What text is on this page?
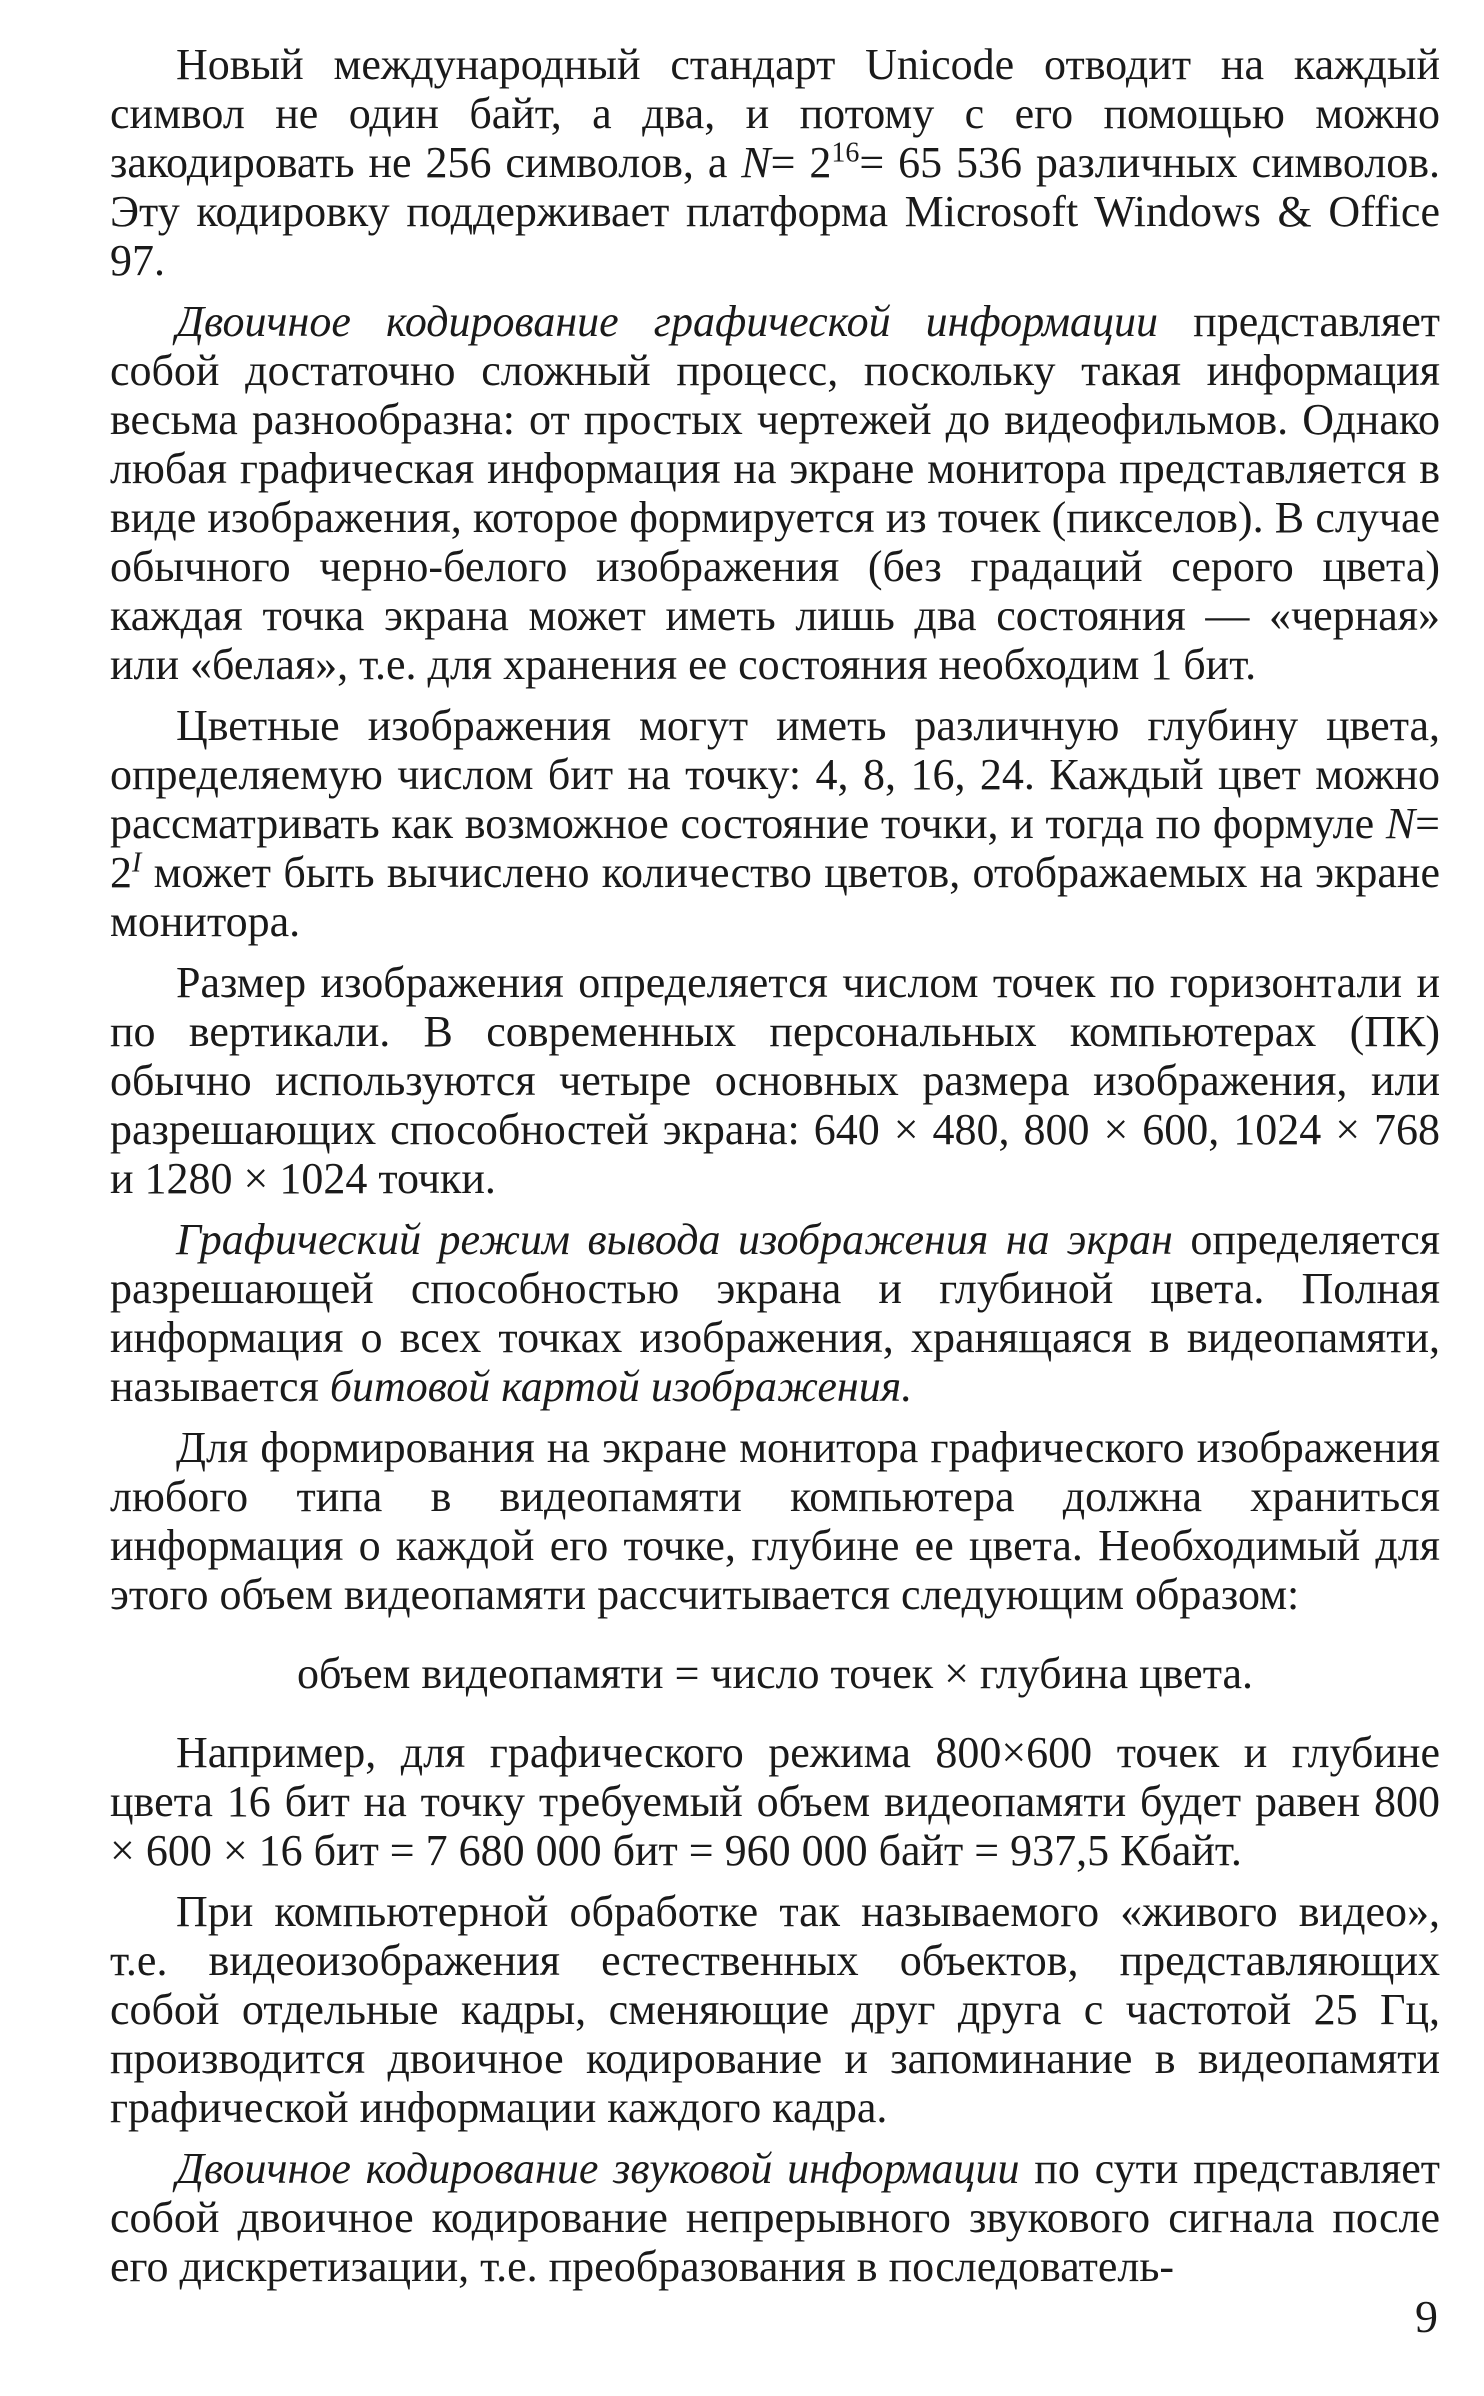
Новый международный стандарт Unicode отводит на каждый символ не один байт, а два, и потому с его помощью можно закодировать не 256 символов, а $N= 2^{16}= 65$ 536 различных символов. Эту кодировку поддерживает платформа Microsoft Windows & Office 97.

Двоичное кодирование графической информации представляет собой достаточно сложный процесс, поскольку такая информация весьма разнообразна: от простых чертежей до видеофильмов. Однако любая графическая информация на экране монитора представляется в виде изображения, которое формируется из точек (пикселов). В случае обычного черно-белого изображения (без градаций серого цвета) каждая точка экрана может иметь лишь два состояния — «черная» или «белая», т.е. для хранения ее состояния необходим 1 бит.

Цветные изображения могут иметь различную глубину цвета, определяемую числом бит на точку: 4, 8, 16, 24. Каждый цвет можно рассматривать как возможное состояние точки, и тогда по формуле $N= 2^I$ может быть вычислено количество цветов, отображаемых на экране монитора.

Размер изображения определяется числом точек по горизонтали и по вертикали. В современных персональных компьютерах (ПК) обычно используются четыре основных размера изображения, или разрешающих способностей экрана: 640 × 480, 800 × 600, 1024 × 768 и 1280 × 1024 точки.

Графический режим вывода изображения на экран определяется разрешающей способностью экрана и глубиной цвета. Полная информация о всех точках изображения, хранящаяся в видеопамяти, называется битовой картой изображения.

Для формирования на экране монитора графического изображения любого типа в видеопамяти компьютера должна храниться информация о каждой его точке, глубине ее цвета. Необходимый для этого объем видеопамяти рассчитывается следующим образом:

объем видеопамяти = число точек × глубина цвета.

Например, для графического режима 800×600 точек и глубине цвета 16 бит на точку требуемый объем видеопамяти будет равен 800 × 600 × 16 бит = 7 680 000 бит = 960 000 байт = 937,5 Кбайт.

При компьютерной обработке так называемого «живого видео», т.е. видеоизображения естественных объектов, представляющих собой отдельные кадры, сменяющие друг друга с частотой 25 Гц, производится двоичное кодирование и запоминание в видеопамяти графической информации каждого кадра.

Двоичное кодирование звуковой информации по сути представляет собой двоичное кодирование непрерывного звукового сигнала после его дискретизации, т.е. преобразования в последователь-

9
